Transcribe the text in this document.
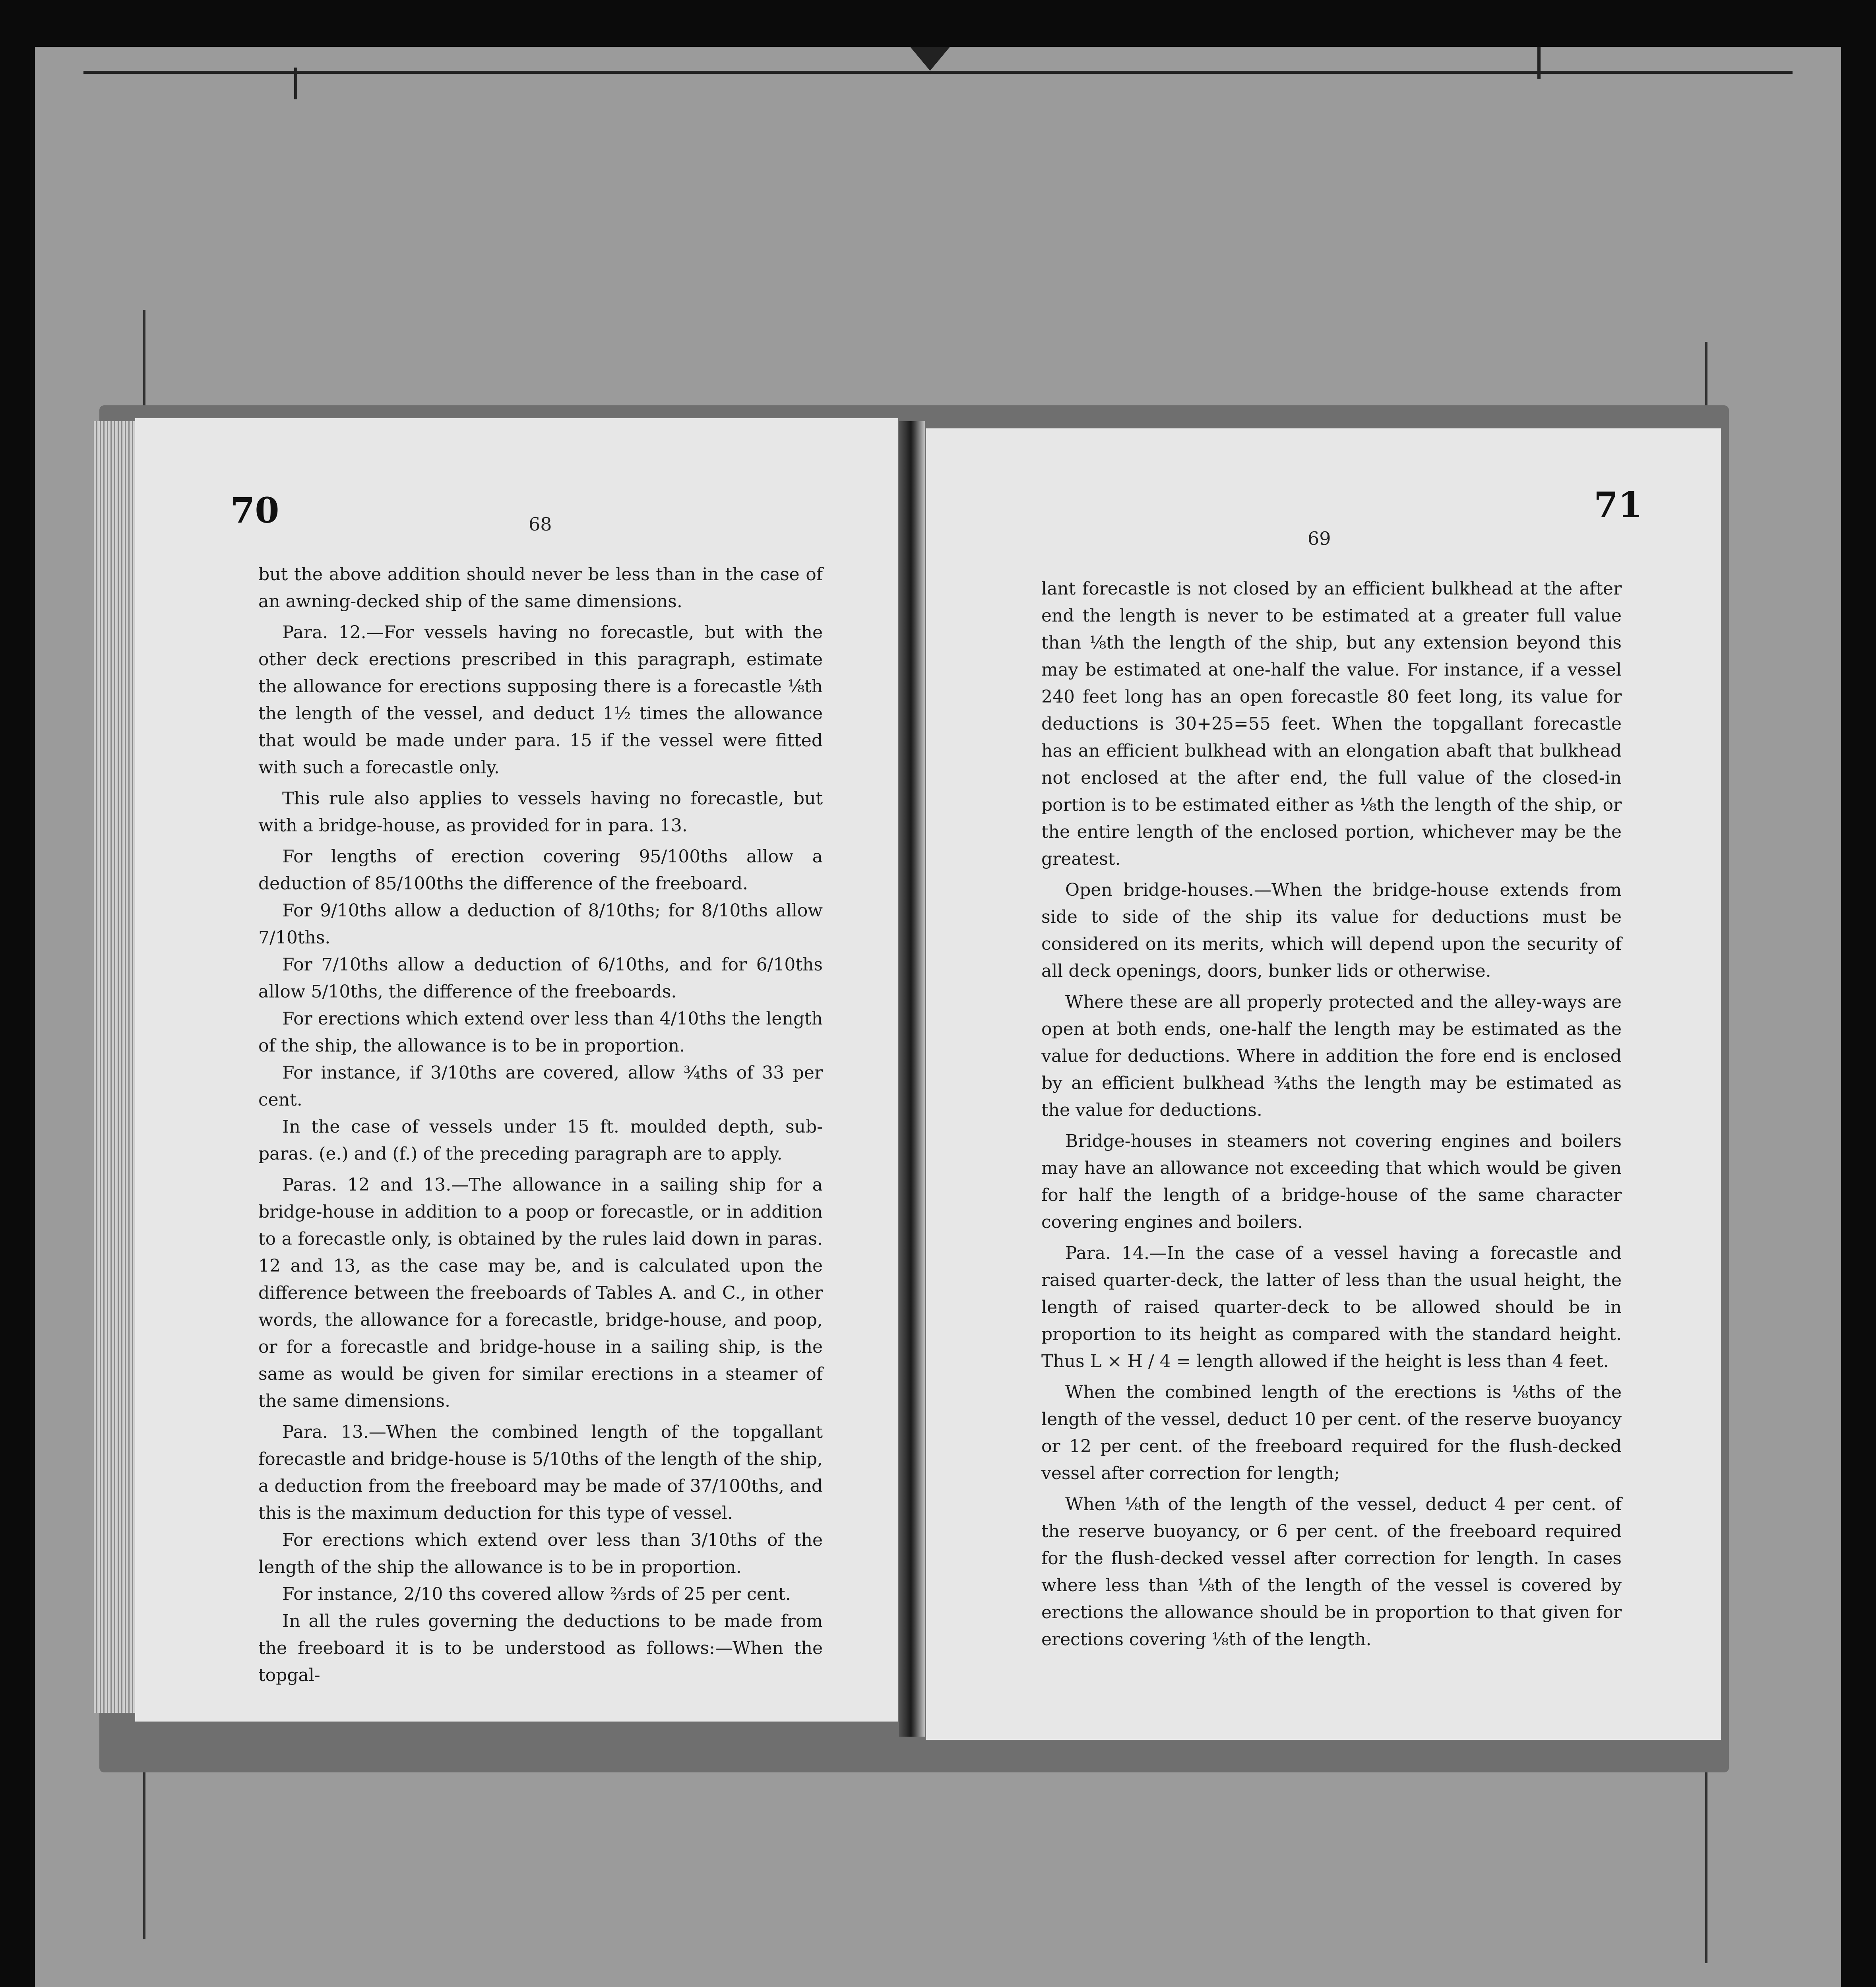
70	68

but the above addition should never be less than in the case of an awning-decked ship of the same dimensions.

Para. 12.—For vessels having no forecastle, but with the other deck erections prescribed in this paragraph, estimate the allowance for erections supposing there is a forecastle ⅛th the length of the vessel, and deduct 1½ times the allowance that would be made under para. 15 if the vessel were fitted with such a forecastle only.

This rule also applies to vessels having no forecastle, but with a bridge-house, as provided for in para. 13.

For lengths of erection covering 95/100ths allow a deduction of 85/100ths the difference of the freeboard.

For 9/10ths allow a deduction of 8/10ths; for 8/10ths allow 7/10ths.

For 7/10ths allow a deduction of 6/10ths, and for 6/10ths allow 5/10ths, the difference of the freeboards.

For erections which extend over less than 4/10ths the length of the ship, the allowance is to be in proportion.

For instance, if 3/10ths are covered, allow ¾ths of 33 per cent.

In the case of vessels under 15 ft. moulded depth, sub-paras. (e.) and (f.) of the preceding paragraph are to apply.

Paras. 12 and 13.—The allowance in a sailing ship for a bridge-house in addition to a poop or forecastle, or in addition to a forecastle only, is obtained by the rules laid down in paras. 12 and 13, as the case may be, and is calculated upon the difference between the freeboards of Tables A. and C., in other words, the allowance for a forecastle, bridge-house, and poop, or for a forecastle and bridge-house in a sailing ship, is the same as would be given for similar erections in a steamer of the same dimensions.

Para. 13.—When the combined length of the topgallant forecastle and bridge-house is 5/10ths of the length of the ship, a deduction from the freeboard may be made of 37/100ths, and this is the maximum deduction for this type of vessel.

For erections which extend over less than 3/10ths of the length of the ship the allowance is to be in proportion.

For instance, 2/10 ths covered allow ⅔rds of 25 per cent.

In all the rules governing the deductions to be made from the freeboard it is to be understood as follows:—When the topgal-

71
69

lant forecastle is not closed by an efficient bulkhead at the after end the length is never to be estimated at a greater full value than ⅛th the length of the ship, but any extension beyond this may be estimated at one-half the value. For instance, if a vessel 240 feet long has an open forecastle 80 feet long, its value for deductions is 30+25=55 feet. When the topgallant forecastle has an efficient bulkhead with an elongation abaft that bulkhead not enclosed at the after end, the full value of the closed-in portion is to be estimated either as ⅛th the length of the ship, or the entire length of the enclosed portion, whichever may be the greatest.

Open bridge-houses.—When the bridge-house extends from side to side of the ship its value for deductions must be considered on its merits, which will depend upon the security of all deck openings, doors, bunker lids or otherwise.

Where these are all properly protected and the alley-ways are open at both ends, one-half the length may be estimated as the value for deductions. Where in addition the fore end is enclosed by an efficient bulkhead ¾ths the length may be estimated as the value for deductions.

Bridge-houses in steamers not covering engines and boilers may have an allowance not exceeding that which would be given for half the length of a bridge-house of the same character covering engines and boilers.

Para. 14.—In the case of a vessel having a forecastle and raised quarter-deck, the latter of less than the usual height, the length of raised quarter-deck to be allowed should be in proportion to its height as compared with the standard height. Thus L × H / 4 = length allowed if the height is less than 4 feet.

When the combined length of the erections is ⅛ths of the length of the vessel, deduct 10 per cent. of the reserve buoyancy or 12 per cent. of the freeboard required for the flush-decked vessel after correction for length;

When ⅛th of the length of the vessel, deduct 4 per cent. of the reserve buoyancy, or 6 per cent. of the freeboard required for the flush-decked vessel after correction for length. In cases where less than ⅛th of the length of the vessel is covered by erections the allowance should be in proportion to that given for erections covering ⅛th of the length.
